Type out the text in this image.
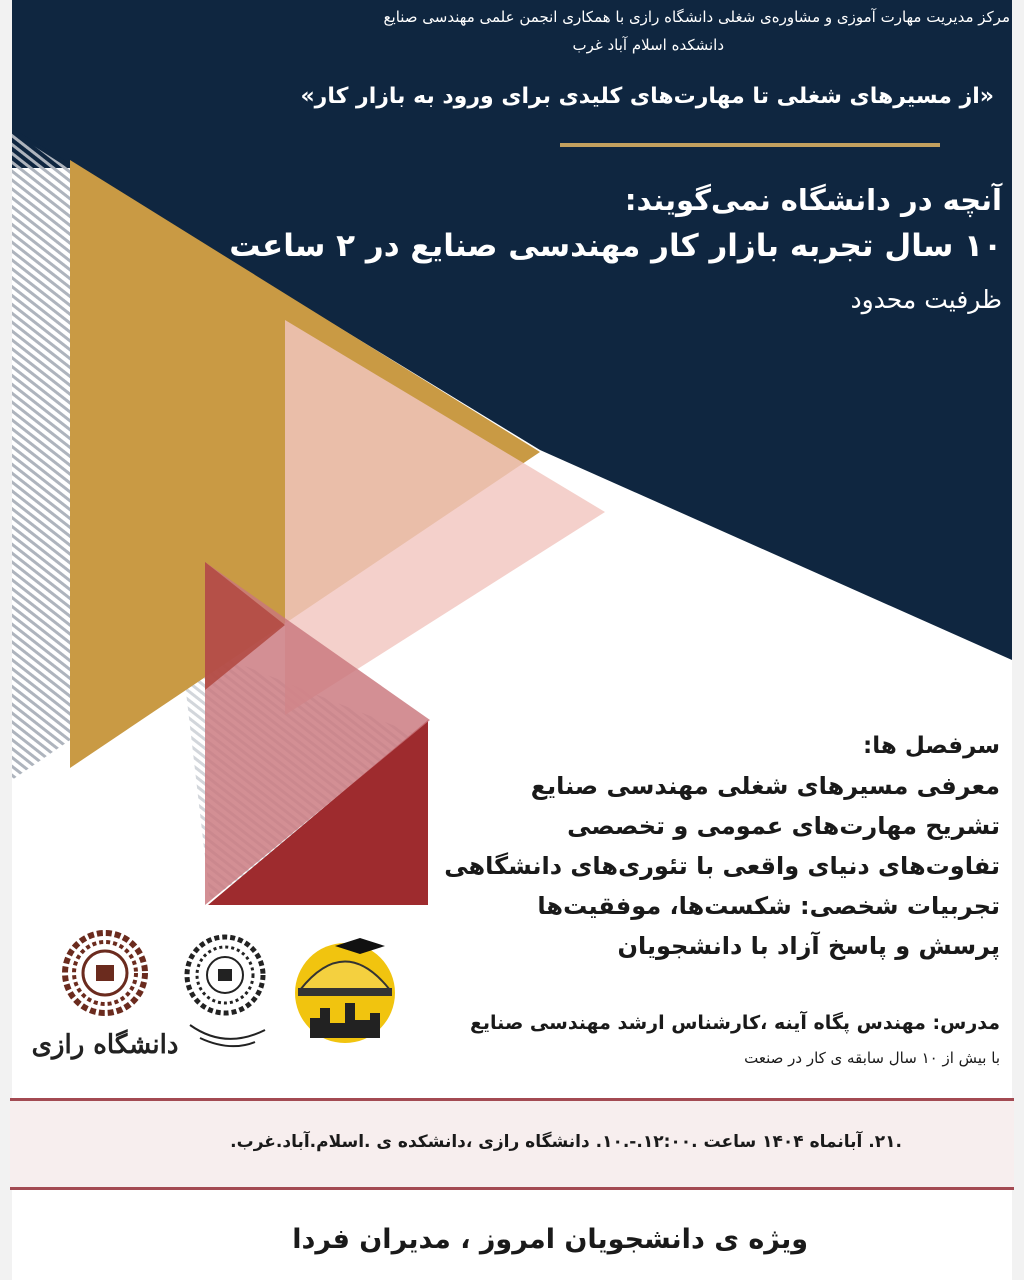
مرکز مدیریت مهارت آموزی و مشاوره‌ی شغلی دانشگاه رازی با همکاری انجمن علمی مهندسی صنایع

دانشکده اسلام آباد غرب

«از مسیرهای شغلی تا مهارت‌های کلیدی برای ورود به بازار کار»

آنچه در دانشگاه نمی‌گویند:

۱۰ سال تجربه بازار کار مهندسی صنایع در ۲ ساعت

ظرفیت محدود

سرفصل ها:

معرفی مسیرهای شغلی مهندسی صنایع

تشریح مهارت‌های عمومی و تخصصی

تفاوت‌های دنیای واقعی با تئوری‌های دانشگاهی

تجربیات شخصی: شکست‌ها، موفقیت‌ها

پرسش و پاسخ آزاد با دانشجویان

دانشگاه رازی

مدرس: مهندس پگاه آینه ،کارشناس ارشد مهندسی صنایع

با بیش از ۱۰ سال سابقه ی کار در صنعت

.۲۱. آبانماه ۱۴۰۴ ساعت .۱۲:۰۰.-.۱۰. دانشگاه رازی ،دانشکده ی .اسلام.آباد.غرب.

ویژه ی دانشجویان امروز ، مدیران فردا
